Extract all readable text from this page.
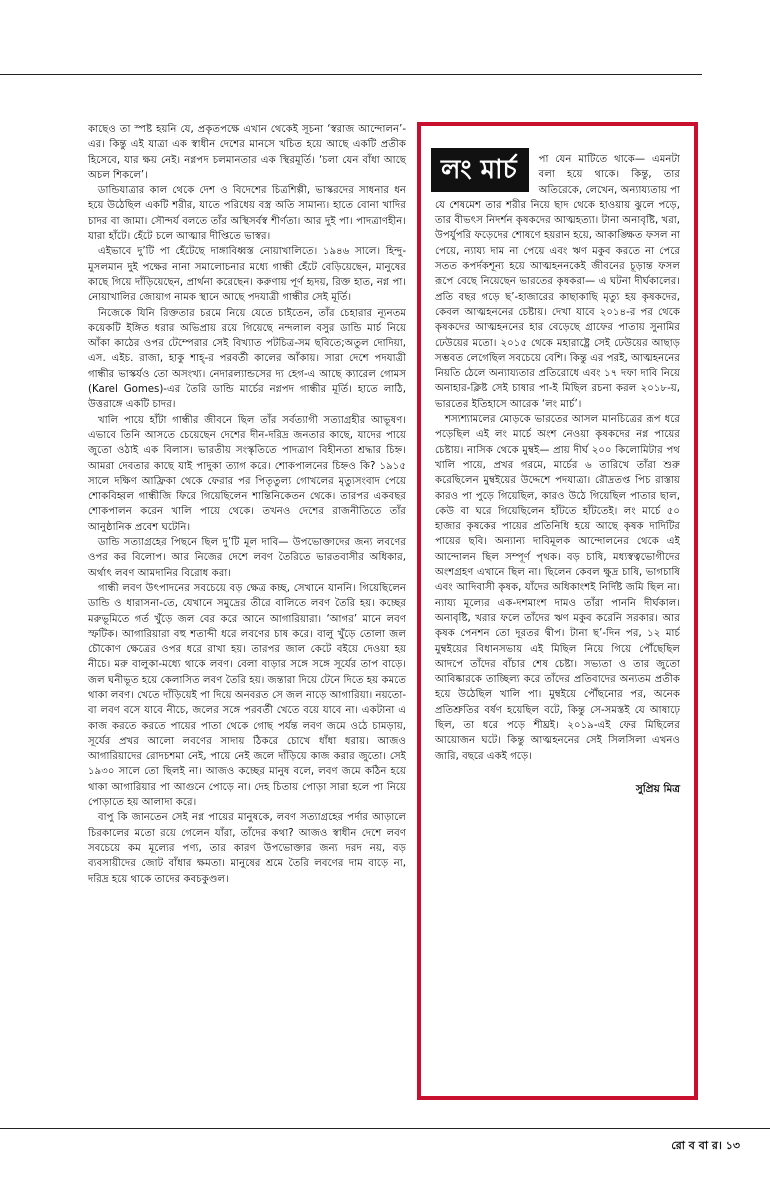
কাছেও তা স্পষ্ট হয়নি যে, প্রকৃতপক্ষে এখান থেকেই সূচনা ‘স্বরাজ আন্দোলন’-এর। কিন্তু এই যাত্রা এক স্বাধীন দেশের মানসে খচিত হয়ে আছে একটি প্রতীক হিসেবে, যার ক্ষয় নেই। নগ্নপদ চলমানতার এক স্থিরমূর্তি। ‘চলা যেন বাঁধা আছে অচল শিকলে’।

ডান্ডিযাত্রার কাল থেকে দেশ ও বিদেশের চিত্রশিল্পী, ভাস্করদের সাধনার ধন হয়ে উঠেছিল একটি শরীর, যাতে পরিধেয় বস্ত্র অতি সামান্য। হাতে বোনা খাদির চাদর বা জামা। সৌন্দর্য বলতে তাঁর অস্থিসর্বস্ব শীর্ণতা। আর দুই পা। পাদত্রাণহীন। যারা হাঁটে। হেঁটে চলে আত্মার দীপ্তিতে ভাস্বর।

এইভাবে দু’টি পা হেঁটেছে দাঙ্গাবিধ্বস্ত নোয়াখালিতে। ১৯৪৬ সালে। হিন্দু-মুসলমান দুই পক্ষের নানা সমালোচনার মধ্যে গান্ধী হেঁটে বেড়িয়েছেন, মানুষের কাছে গিয়ে দাঁড়িয়েছেন, প্রার্থনা করেছেন। করুণায় পূর্ণ হৃদয়, রিক্ত হাত, নগ্ন পা। নোয়াখালির জোয়াগ নামক স্থানে আছে পদযাত্রী গান্ধীর সেই মূর্তি।

নিজেকে যিনি রিক্ততার চরমে নিয়ে যেতে চাইতেন, তাঁর চেহারার ন্যূনতম কয়েকটি ইঙ্গিত ধরার অভিপ্রায় রয়ে গিয়েছে নন্দলাল বসুর ডান্ডি মার্চ নিয়ে আঁকা কাঠের ওপর টেম্পেরার সেই বিখ্যাত পটচিত্র-সম ছবিতে;অতুল দোদিয়া, এস. এইচ. রাজা, হাকু শাহ্-র পরবর্তী কালের আঁকায়। সারা দেশে পদযাত্রী গান্ধীর ভাস্কর্যও তো অসংখ্য। নেদারল্যান্ডসের দ্য হেগ-এ আছে ক্যারেল গোমস (Karel Gomes)-এর তৈরি ডান্ডি মার্চের নগ্নপদ গান্ধীর মূর্তি। হাতে লাঠি, উত্তরাঙ্গে একটি চাদর।

খালি পায়ে হাঁটা গান্ধীর জীবনে ছিল তাঁর সর্বত্যাগী সত্যাগ্রহীর আভূষণ। এভাবে তিনি আসতে চেয়েছেন দেশের দীন-দরিদ্র জনতার কাছে, যাদের পায়ে জুতো ওঠাই এক বিলাস। ভারতীয় সংস্কৃতিতে পাদত্রাণ বিহীনতা শ্রদ্ধার চিহ্ন। আমরা দেবতার কাছে যাই পাদুকা ত্যাগ করে। শোকপালনের চিহ্নও কি? ১৯১৫ সালে দক্ষিণ আফ্রিকা থেকে ফেরার পর পিতৃতুল্য গোখলের মৃত্যুসংবাদ পেয়ে শোকবিহ্বল গান্ধীজি ফিরে গিয়েছিলেন শান্তিনিকেতন থেকে। তারপর একবছর শোকপালন করেন খালি পায়ে থেকে। তখনও দেশের রাজনীতিতে তাঁর আনুষ্ঠানিক প্রবেশ ঘটেনি।

ডান্ডি সত্যাগ্রহের পিছনে ছিল দু’টি মূল দাবি— উপভোক্তাদের জন্য লবণের ওপর কর বিলোপ। আর নিজের দেশে লবণ তৈরিতে ভারতবাসীর অধিকার, অর্থাৎ লবণ আমদানির বিরোধ করা।

গান্ধী লবণ উৎপাদনের সবচেয়ে বড় ক্ষেত্র কচ্ছ, সেখানে যাননি। গিয়েছিলেন ডান্ডি ও ধারাসনা-তে, যেখানে সমুদ্রের তীরে বালিতে লবণ তৈরি হয়। কচ্ছের মরুভূমিতে গর্ত খুঁড়ে জল বের করে আনে আগারিয়ারা। ‘আগর’ মানে লবণ স্ফটিক। আগারিয়ারা বহু শতাব্দী ধরে লবণের চাষ করে। বালু খুঁড়ে তোলা জল চৌকোণ ক্ষেত্রের ওপর ধরে রাখা হয়। তারপর জাল কেটে বইয়ে দেওয়া হয় নীচে। মরু বালুকা-মধ্যে থাকে লবণ। বেলা বাড়ার সঙ্গে সঙ্গে সূর্যের তাপ বাড়ে। জল ঘনীভূত হয়ে কেলাসিত লবণ তৈরি হয়। জন্তারা দিয়ে টেনে দিতে হয় কমতে থাকা লবণ। খেতে দাঁড়িয়েই পা দিয়ে অনবরত সে জল নাড়ে আগারিয়া। নয়তো-বা লবণ বসে যাবে নীচে, জলের সঙ্গে পরবর্তী খেতে বয়ে যাবে না। একটানা এ কাজ করতে করতে পায়ের পাতা থেকে গোছ পর্যন্ত লবণ জমে ওঠে চামড়ায়, সূর্যের প্রখর আলো লবণের সাদায় ঠিকরে চোখে ধাঁধা ধরায়। আজও আগারিয়াদের রোদচশমা নেই, পায়ে নেই জলে দাঁড়িয়ে কাজ করার জুতো। সেই ১৯৩০ সালে তো ছিলই না। আজও কচ্ছের মানুষ বলে, লবণ জমে কঠিন হয়ে থাকা আগারিয়ার পা আগুনে পোড়ে না। দেহ চিতায় পোড়া সারা হলে পা নিয়ে পোড়াতে হয় আলাদা করে।

বাপু কি জানতেন সেই নগ্ন পায়ের মানুষকে, লবণ সত্যাগ্রহের পর্দার আড়ালে চিরকালের মতো রয়ে গেলেন যাঁরা, তাঁদের কথা? আজও স্বাধীন দেশে লবণ সবচেয়ে কম মূল্যের পণ্য, তার কারণ উপভোক্তার জন্য দরদ নয়, বড় ব্যবসায়ীদের জোট বাঁধার ক্ষমতা। মানুষের শ্রমে তৈরি লবণের দাম বাড়ে না, দরিদ্র হয়ে থাকে তাদের কবচকুণ্ডল।

লং মার্চ	পা যেন মাটিতে থাকে— এমনটা বলা হয়ে থাকে। কিন্তু, তার অতিরেকে, লেখেন, অন্যায্যতায় পা যে শেষমেশ তার শরীর নিয়ে ছাদ থেকে হাওয়ায় ঝুলে পড়ে, তার বীভৎস নিদর্শন কৃষকদের আত্মহত্যা। টানা অনাবৃষ্টি, খরা, উপর্যুপরি ফড়েদের শোষণে হয়রান হয়ে, আকাঙ্ক্ষিত ফসল না পেয়ে, ন্যায্য দাম না পেয়ে এবং ঋণ মকুব করতে না পেরে সতত কপর্দকশূন্য হয়ে আত্মহননকেই জীবনের চূড়ান্ত ফসল রূপে বেছে নিয়েছেন ভারতের কৃষকরা— এ ঘটনা দীর্ঘকালের। প্রতি বছর গড়ে ছ’-হাজারের কাছাকাছি মৃত্যু হয় কৃষকদের, কেবল আত্মহননের চেষ্টায়। দেখা যাবে ২০১৪-র পর থেকে কৃষকদের আত্মহননের হার বেড়েছে গ্রাফের পাতায় সুনামির ঢেউয়ের মতো। ২০১৫ থেকে মহারাষ্ট্রে সেই ঢেউয়ের আছাড় সম্ভবত লেগেছিল সবচেয়ে বেশি। কিন্তু এর পরই, আত্মহননের নিয়তি ঠেলে অন্যায্যতার প্রতিরোধে এবং ১৭ দফা দাবি নিয়ে অনাহার-ক্লিষ্ট সেই চাষার পা-ই মিছিল রচনা করল ২০১৮-য়, ভারতের ইতিহাসে আরেক ‘লং মার্চ’।

শস্যশ্যামলের মোড়কে ভারতের আসল মানচিত্রের রূপ ধরে পড়েছিল এই লং মার্চে অংশ নেওয়া কৃষকদের নগ্ন পায়ের চেষ্টায়। নাসিক থেকে মুম্বই— প্রায় দীর্ঘ ২০০ কিলোমিটার পথ খালি পায়ে, প্রখর গরমে, মার্চের ৬ তারিখে তাঁরা শুরু করেছিলেন মুম্বইয়ের উদ্দেশে পদযাত্রা। রৌদ্রতপ্ত পিচ রাস্তায় কারও পা পুড়ে গিয়েছিল, কারও উঠে গিয়েছিল পাতার ছাল, কেউ বা ঘরে গিয়েছিলেন হাঁটতে হাঁটতেই। লং মার্চে ৫০ হাজার কৃষকের পায়ের প্রতিনিধি হয়ে আছে কৃষক দাদিটির পায়ের ছবি। অন্যান্য দাবিমূলক আন্দোলনের থেকে এই আন্দোলন ছিল সম্পূর্ণ পৃথক। বড় চাষি, মধ্যস্বত্বভোগীদের অংশগ্রহণ এখানে ছিল না। ছিলেন কেবল ক্ষুদ্র চাষি, ভাগচাষি এবং আদিবাসী কৃষক, যাঁদের অধিকাংশই নির্দিষ্ট জমি ছিল না। ন্যায্য মূল্যের এক-দশমাংশ দামও তাঁরা পাননি দীর্ঘকাল। অনাবৃষ্টি, খরার ফলে তাঁদের ঋণ মকুব করেনি সরকার। আর কৃষক পেনশন তো দূরতর দ্বীপ। টানা ছ’-দিন পর, ১২ মার্চ মুম্বইয়ের বিধানসভায় এই মিছিল নিয়ে গিয়ে পৌঁছেছিল আদপে তাঁদের বাঁচার শেষ চেষ্টা। সভ্যতা ও তার জুতো আবিষ্কারকে তাচ্ছিল্য করে তাঁদের প্রতিবাদের অন্যতম প্রতীক হয়ে উঠেছিল খালি পা। মুম্বইয়ে পৌঁছনোর পর, অনেক প্রতিশ্রুতির বর্ষণ হয়েছিল বটে, কিন্তু সে-সমস্তই যে আষাঢ়ে ছিল, তা ধরে পড়ে শীঘ্রই। ২০১৯-এই ফের মিছিলের আয়োজন ঘটে। কিন্তু আত্মহননের সেই সিলসিলা এখনও জারি, বছরে একই গড়ে।

সুপ্রিয় মিত্র
রো ব বা র। ১৩
